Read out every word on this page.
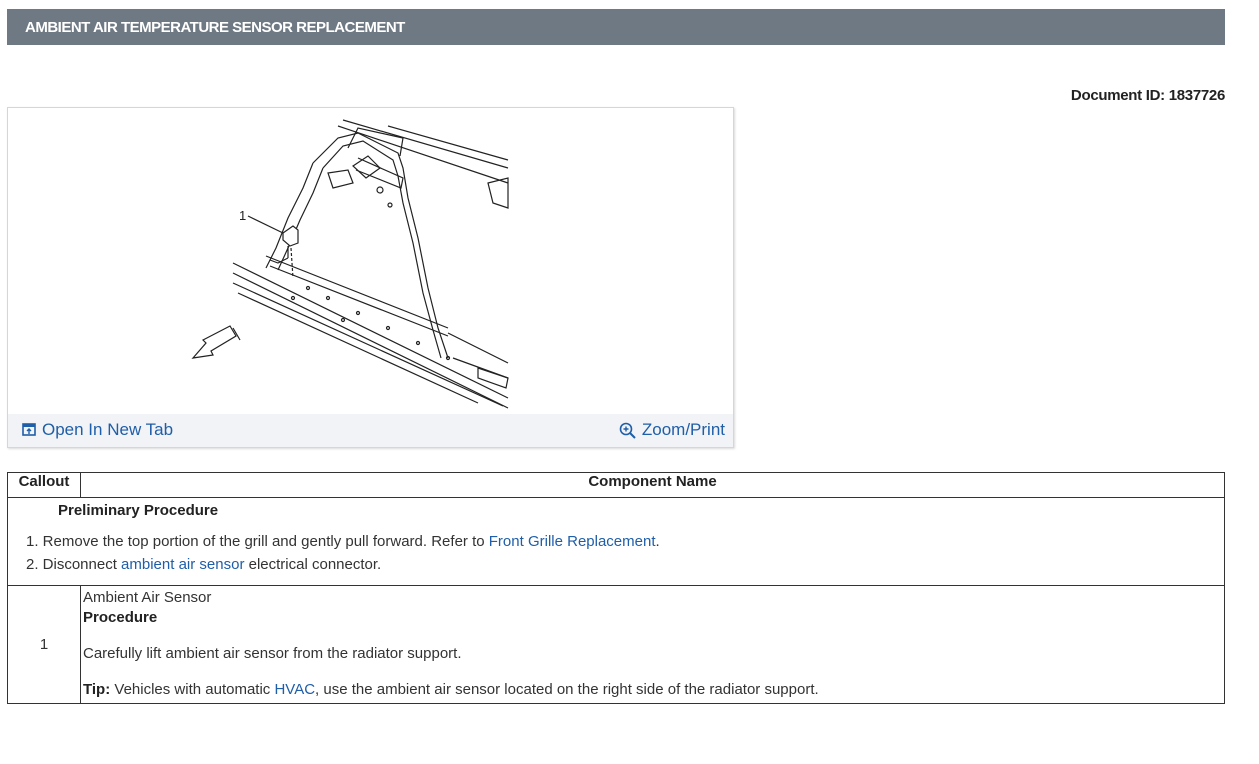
AMBIENT AIR TEMPERATURE SENSOR REPLACEMENT
Document ID: 1837726
1
Open In New Tab	Zoom/Print
Callout	Component Name

Preliminary Procedure
1. Remove the top portion of the grill and gently pull forward. Refer to Front Grille Replacement.
2. Disconnect ambient air sensor electrical connector.	

1	Ambient Air Sensor
Procedure
Carefully lift ambient air sensor from the radiator support.
Tip: Vehicles with automatic HVAC, use the ambient air sensor located on the right side of the radiator support.
